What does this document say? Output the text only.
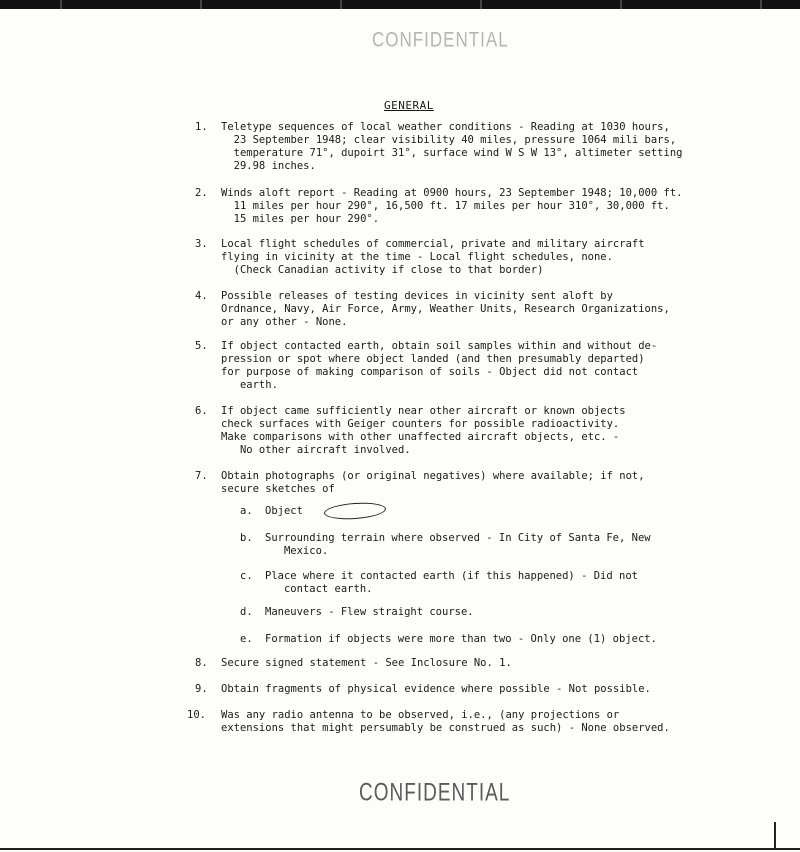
CONFIDENTIAL
GENERAL
1.	Teletype sequences of local weather conditions - Reading at 1030 hours,
23 September 1948; clear visibility 40 miles, pressure 1064 mili bars,
temperature 71°, dupoirt 31°, surface wind W S W 13°, altimeter setting
29.98 inches.
2.	Winds aloft report - Reading at 0900 hours, 23 September 1948; 10,000 ft.
11 miles per hour 290°, 16,500 ft. 17 miles per hour 310°, 30,000 ft.
15 miles per hour 290°.
3.	Local flight schedules of commercial, private and military aircraft
flying in vicinity at the time - Local flight schedules, none.
(Check Canadian activity if close to that border)
4.	Possible releases of testing devices in vicinity sent aloft by
Ordnance, Navy, Air Force, Army, Weather Units, Research Organizations,
or any other - None.
5.	If object contacted earth, obtain soil samples within and without de-
pression or spot where object landed (and then presumably departed)
for purpose of making comparison of soils - Object did not contact
earth.
6.	If object came sufficiently near other aircraft or known objects
check surfaces with Geiger counters for possible radioactivity.
Make comparisons with other unaffected aircraft objects, etc. -
No other aircraft involved.
7.	Obtain photographs (or original negatives) where available; if not,
secure sketches of
a.	Object
b.	Surrounding terrain where observed - In City of Santa Fe, New
Mexico.
c.	Place where it contacted earth (if this happened) - Did not
contact earth.
d.	Maneuvers - Flew straight course.
e.	Formation if objects were more than two - Only one (1) object.
8.	Secure signed statement - See Inclosure No. 1.
9.	Obtain fragments of physical evidence where possible - Not possible.
10. Was any radio antenna to be observed, i.e., (any projections or
extensions that might persumably be construed as such) - None observed.
CONFIDENTIAL
